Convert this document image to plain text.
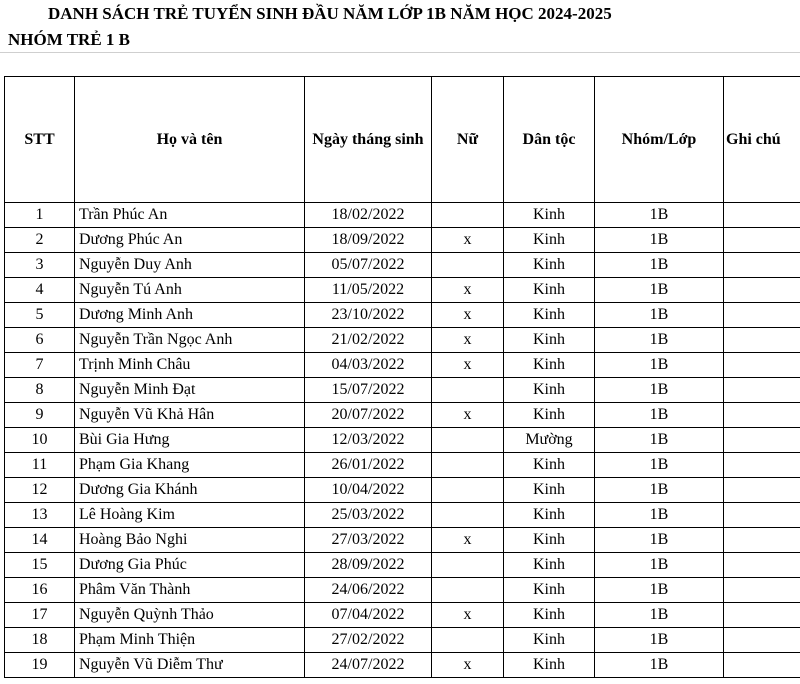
DANH SÁCH TRẺ TUYỂN SINH ĐẦU NĂM LỚP 1B NĂM HỌC 2024-2025
NHÓM TRẺ 1 B
STT	Họ và tên	Ngày tháng sinh	Nữ	Dân tộc	Nhóm/Lớp	Ghi chú
1	Trần Phúc An	18/02/2022		Kinh	1B	
2	Dương Phúc An	18/09/2022	x	Kinh	1B	
3	Nguyễn Duy Anh	05/07/2022		Kinh	1B	
4	Nguyễn Tú Anh	11/05/2022	x	Kinh	1B	
5	Dương Minh Anh	23/10/2022	x	Kinh	1B	
6	Nguyễn Trần Ngọc Anh	21/02/2022	x	Kinh	1B	
7	Trịnh Minh Châu	04/03/2022	x	Kinh	1B	
8	Nguyễn Minh Đạt	15/07/2022		Kinh	1B	
9	Nguyễn Vũ Khả Hân	20/07/2022	x	Kinh	1B	
10	Bùi Gia Hưng	12/03/2022		Mường	1B	
11	Phạm Gia Khang	26/01/2022		Kinh	1B	
12	Dương Gia Khánh	10/04/2022		Kinh	1B	
13	Lê Hoàng Kim	25/03/2022		Kinh	1B	
14	Hoàng Bảo Nghi	27/03/2022	x	Kinh	1B	
15	Dương Gia Phúc	28/09/2022		Kinh	1B	
16	Phâm Văn Thành	24/06/2022		Kinh	1B	
17	Nguyễn Quỳnh Thảo	07/04/2022	x	Kinh	1B	
18	Phạm Minh Thiện	27/02/2022		Kinh	1B	
19	Nguyễn Vũ Diễm Thư	24/07/2022	x	Kinh	1B	
